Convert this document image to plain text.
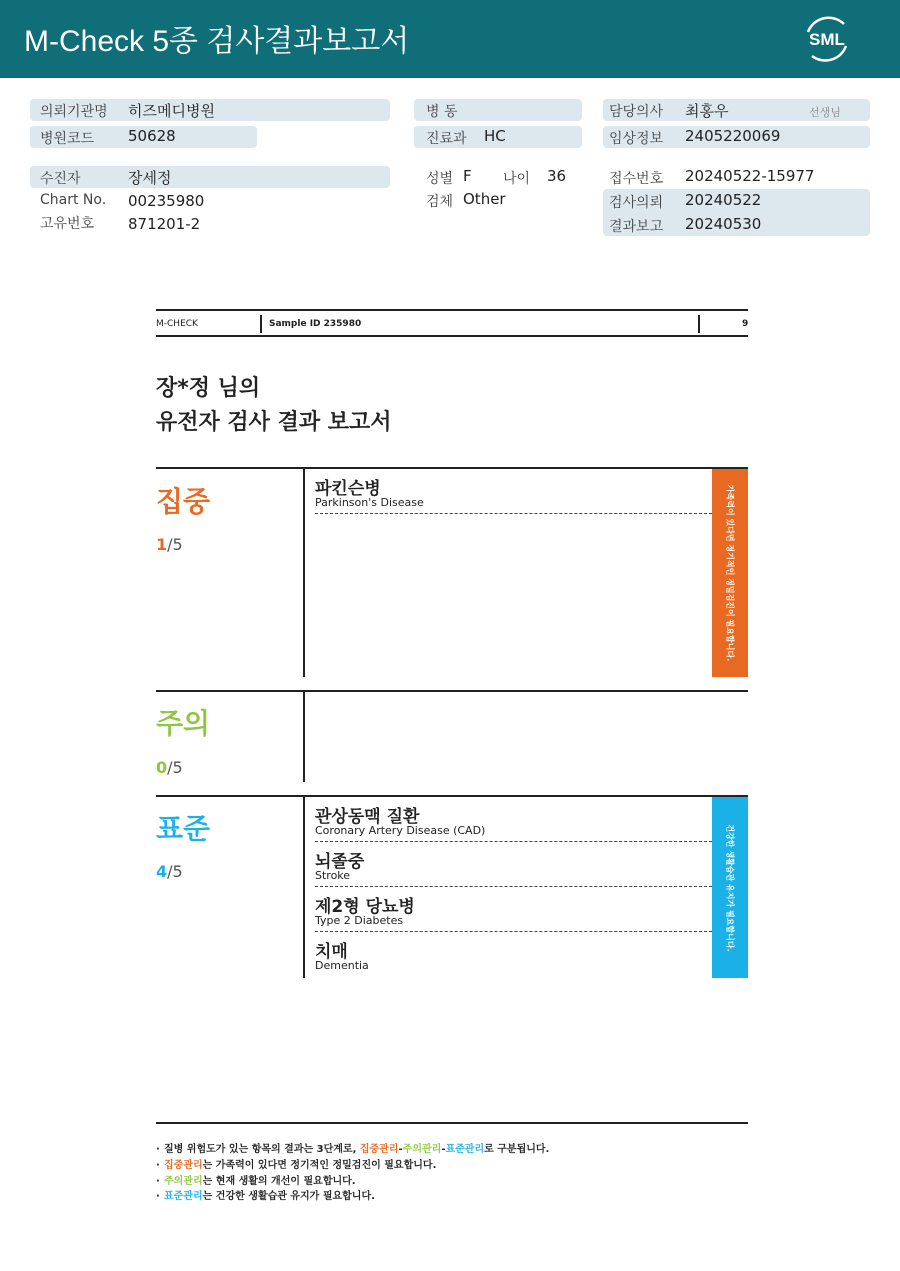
M-Check 5종 검사결과보고서	SML
의뢰기관명 히즈메디병원
병원코드 50628
수진자	장세정
Chart No. 00235980
고유번호 871201-2
병 동
진료과 HC
성별 F 나이 36
검체 Other
담당의사 최홍우	선생님
임상정보 2405220069
접수번호 20240522-15977
검사의뢰 20240522
결과보고 20240530
M-CHECK	Sample ID 235980	9
장*정 님의
유전자 검사 결과 보고서
집중
1/5
파킨슨병
Parkinson's Disease	가족력이 있다면 정기적인 정밀검진이 필요합니다.
주의
0/5
표준
4/5
관상동맥 질환
Coronary Artery Disease (CAD)
뇌졸중
Stroke
제2형 당뇨병
Type 2 Diabetes
치매
Dementia
건강한 생활습관 유지가 필요합니다.
· 질병 위험도가 있는 항목의 결과는 3단계로, 집중관리-주의관리-표준관리로 구분됩니다.
· 집중관리는 가족력이 있다면 정기적인 정밀검진이 필요합니다.
· 주의관리는 현재 생활의 개선이 필요합니다.
· 표준관리는 건강한 생활습관 유지가 필요합니다.
